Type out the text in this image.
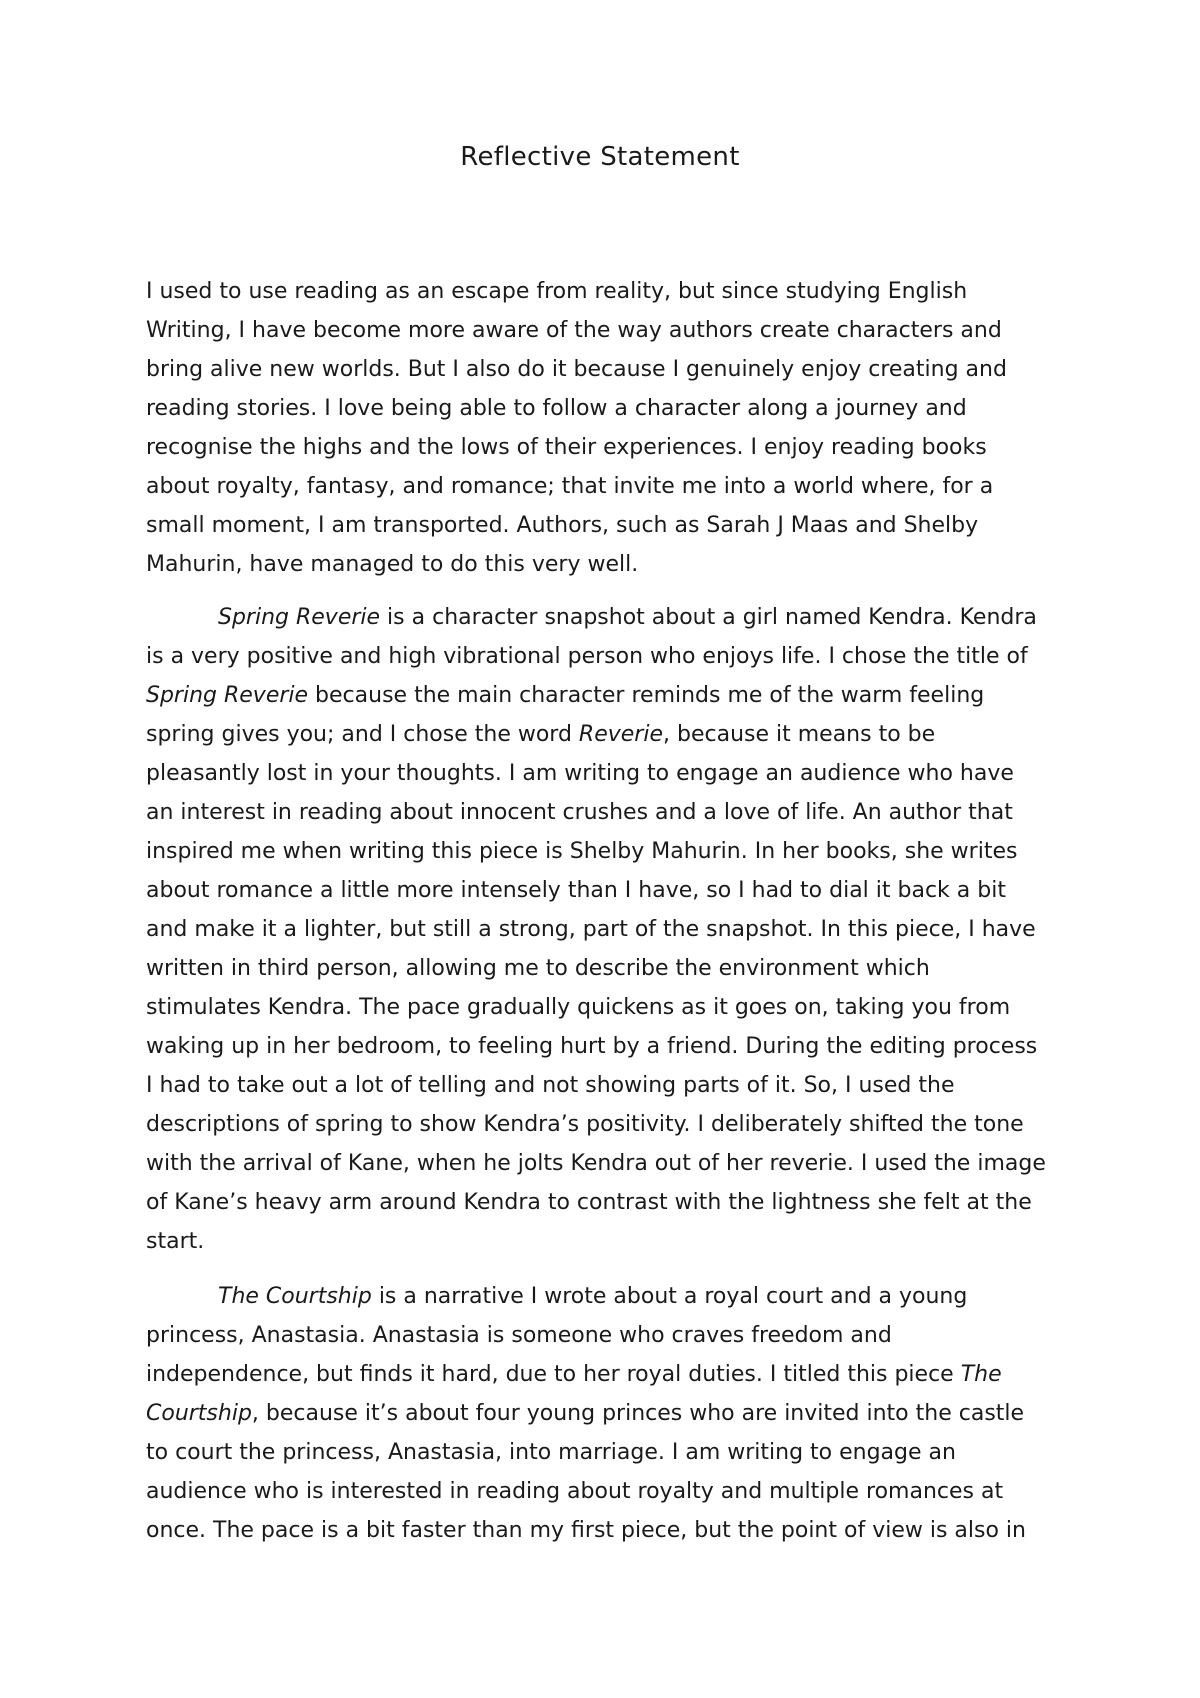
Reflective Statement

I used to use reading as an escape from reality, but since studying English
Writing, I have become more aware of the way authors create characters and
bring alive new worlds. But I also do it because I genuinely enjoy creating and
reading stories. I love being able to follow a character along a journey and
recognise the highs and the lows of their experiences. I enjoy reading books
about royalty, fantasy, and romance; that invite me into a world where, for a
small moment, I am transported. Authors, such as Sarah J Maas and Shelby
Mahurin, have managed to do this very well.

Spring Reverie is a character snapshot about a girl named Kendra. Kendra
is a very positive and high vibrational person who enjoys life. I chose the title of
Spring Reverie because the main character reminds me of the warm feeling
spring gives you; and I chose the word Reverie, because it means to be
pleasantly lost in your thoughts. I am writing to engage an audience who have
an interest in reading about innocent crushes and a love of life. An author that
inspired me when writing this piece is Shelby Mahurin. In her books, she writes
about romance a little more intensely than I have, so I had to dial it back a bit
and make it a lighter, but still a strong, part of the snapshot. In this piece, I have
written in third person, allowing me to describe the environment which
stimulates Kendra. The pace gradually quickens as it goes on, taking you from
waking up in her bedroom, to feeling hurt by a friend. During the editing process
I had to take out a lot of telling and not showing parts of it. So, I used the
descriptions of spring to show Kendra’s positivity. I deliberately shifted the tone
with the arrival of Kane, when he jolts Kendra out of her reverie. I used the image
of Kane’s heavy arm around Kendra to contrast with the lightness she felt at the
start.

The Courtship is a narrative I wrote about a royal court and a young
princess, Anastasia. Anastasia is someone who craves freedom and
independence, but finds it hard, due to her royal duties. I titled this piece The
Courtship, because it’s about four young princes who are invited into the castle
to court the princess, Anastasia, into marriage. I am writing to engage an
audience who is interested in reading about royalty and multiple romances at
once. The pace is a bit faster than my first piece, but the point of view is also in
